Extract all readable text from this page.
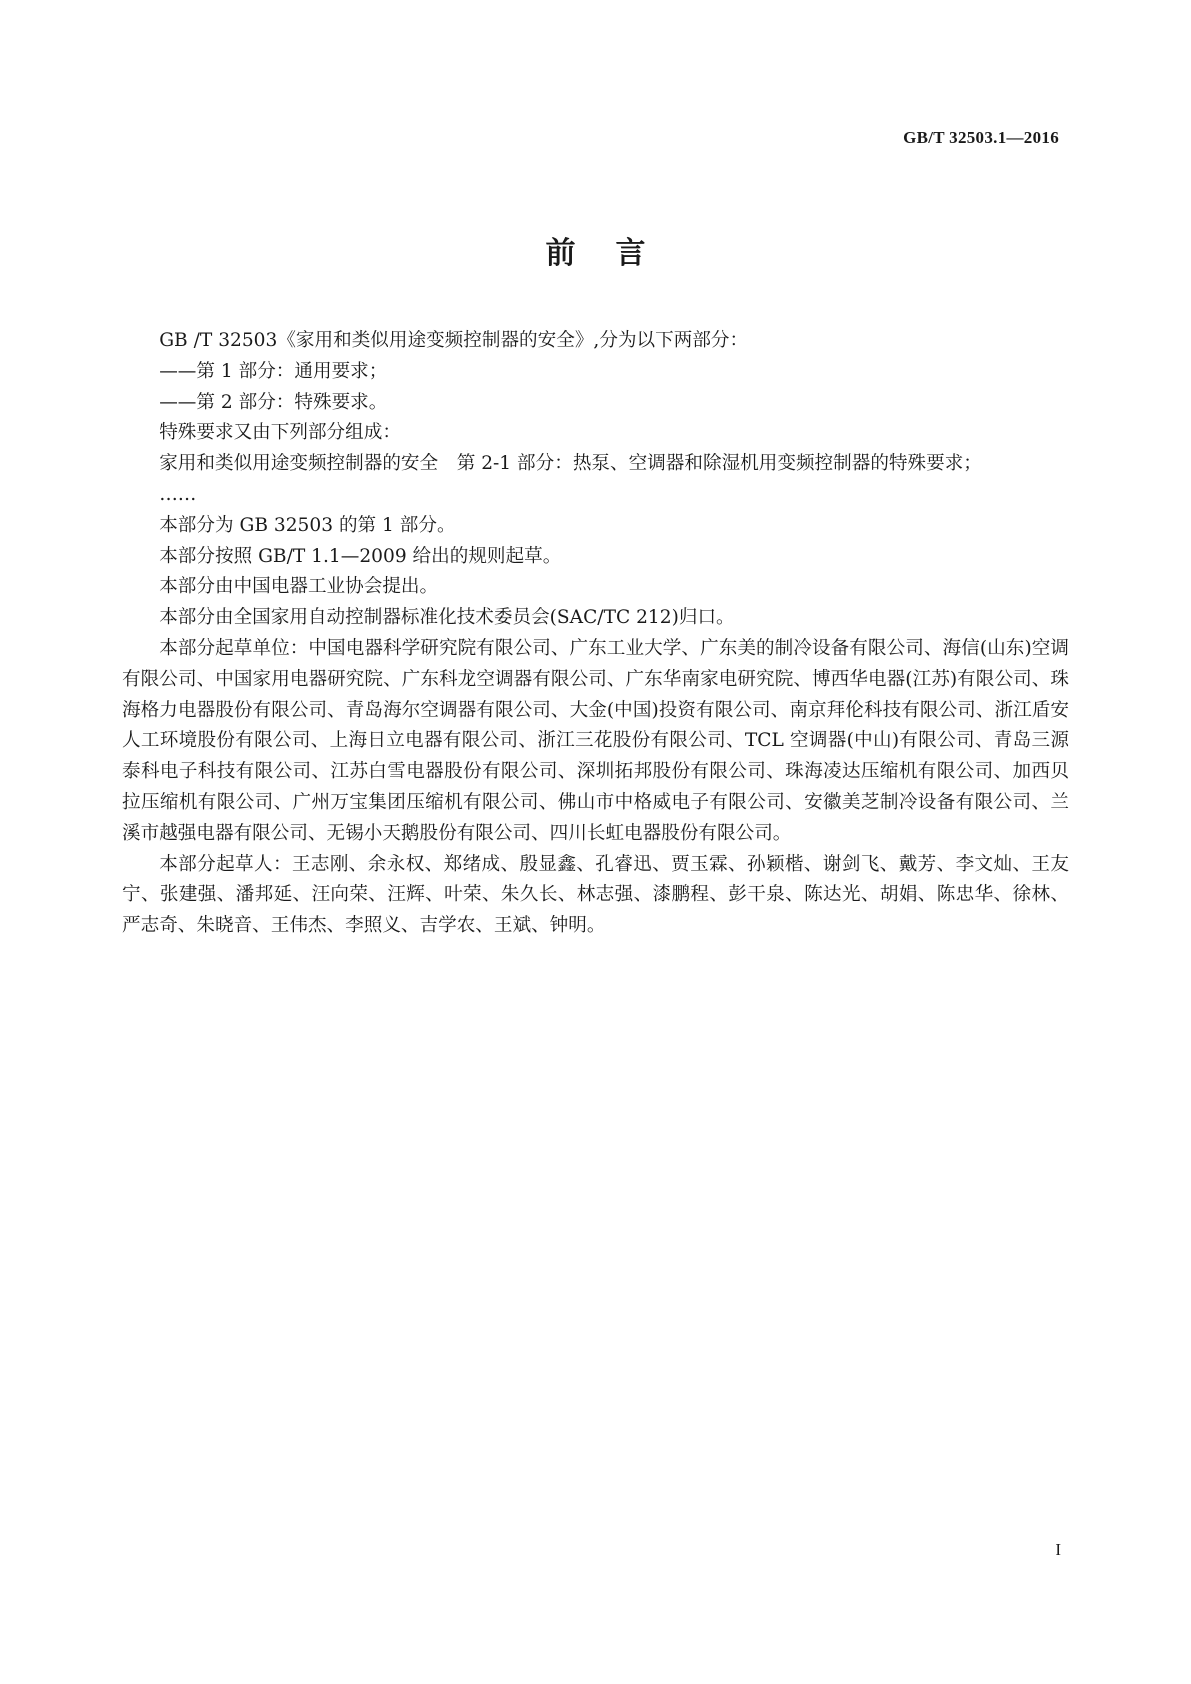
GB/T 32503.1—2016
前言

GB /T 32503《家用和类似用途变频控制器的安全》,分为以下两部分：

——第 1 部分：通用要求；

——第 2 部分：特殊要求。

特殊要求又由下列部分组成：

家用和类似用途变频控制器的安全　第 2-1 部分：热泵、空调器和除湿机用变频控制器的特殊要求；

……

本部分为 GB 32503 的第 1 部分。

本部分按照 GB/T 1.1—2009 给出的规则起草。

本部分由中国电器工业协会提出。

本部分由全国家用自动控制器标准化技术委员会(SAC/TC 212)归口。

本部分起草单位：中国电器科学研究院有限公司、广东工业大学、广东美的制冷设备有限公司、海信(山东)空调有限公司、中国家用电器研究院、广东科龙空调器有限公司、广东华南家电研究院、博西华电器(江苏)有限公司、珠海格力电器股份有限公司、青岛海尔空调器有限公司、大金(中国)投资有限公司、南京拜伦科技有限公司、浙江盾安人工环境股份有限公司、上海日立电器有限公司、浙江三花股份有限公司、TCL 空调器(中山)有限公司、青岛三源泰科电子科技有限公司、江苏白雪电器股份有限公司、深圳拓邦股份有限公司、珠海凌达压缩机有限公司、加西贝拉压缩机有限公司、广州万宝集团压缩机有限公司、佛山市中格威电子有限公司、安徽美芝制冷设备有限公司、兰溪市越强电器有限公司、无锡小天鹅股份有限公司、四川长虹电器股份有限公司。

本部分起草人：王志刚、余永权、郑绪成、殷显鑫、孔睿迅、贾玉霖、孙颖楷、谢剑飞、戴芳、李文灿、王友宁、张建强、潘邦延、汪向荣、汪辉、叶荣、朱久长、林志强、漆鹏程、彭干泉、陈达光、胡娟、陈忠华、徐林、严志奇、朱晓音、王伟杰、李照义、吉学农、王斌、钟明。

I
